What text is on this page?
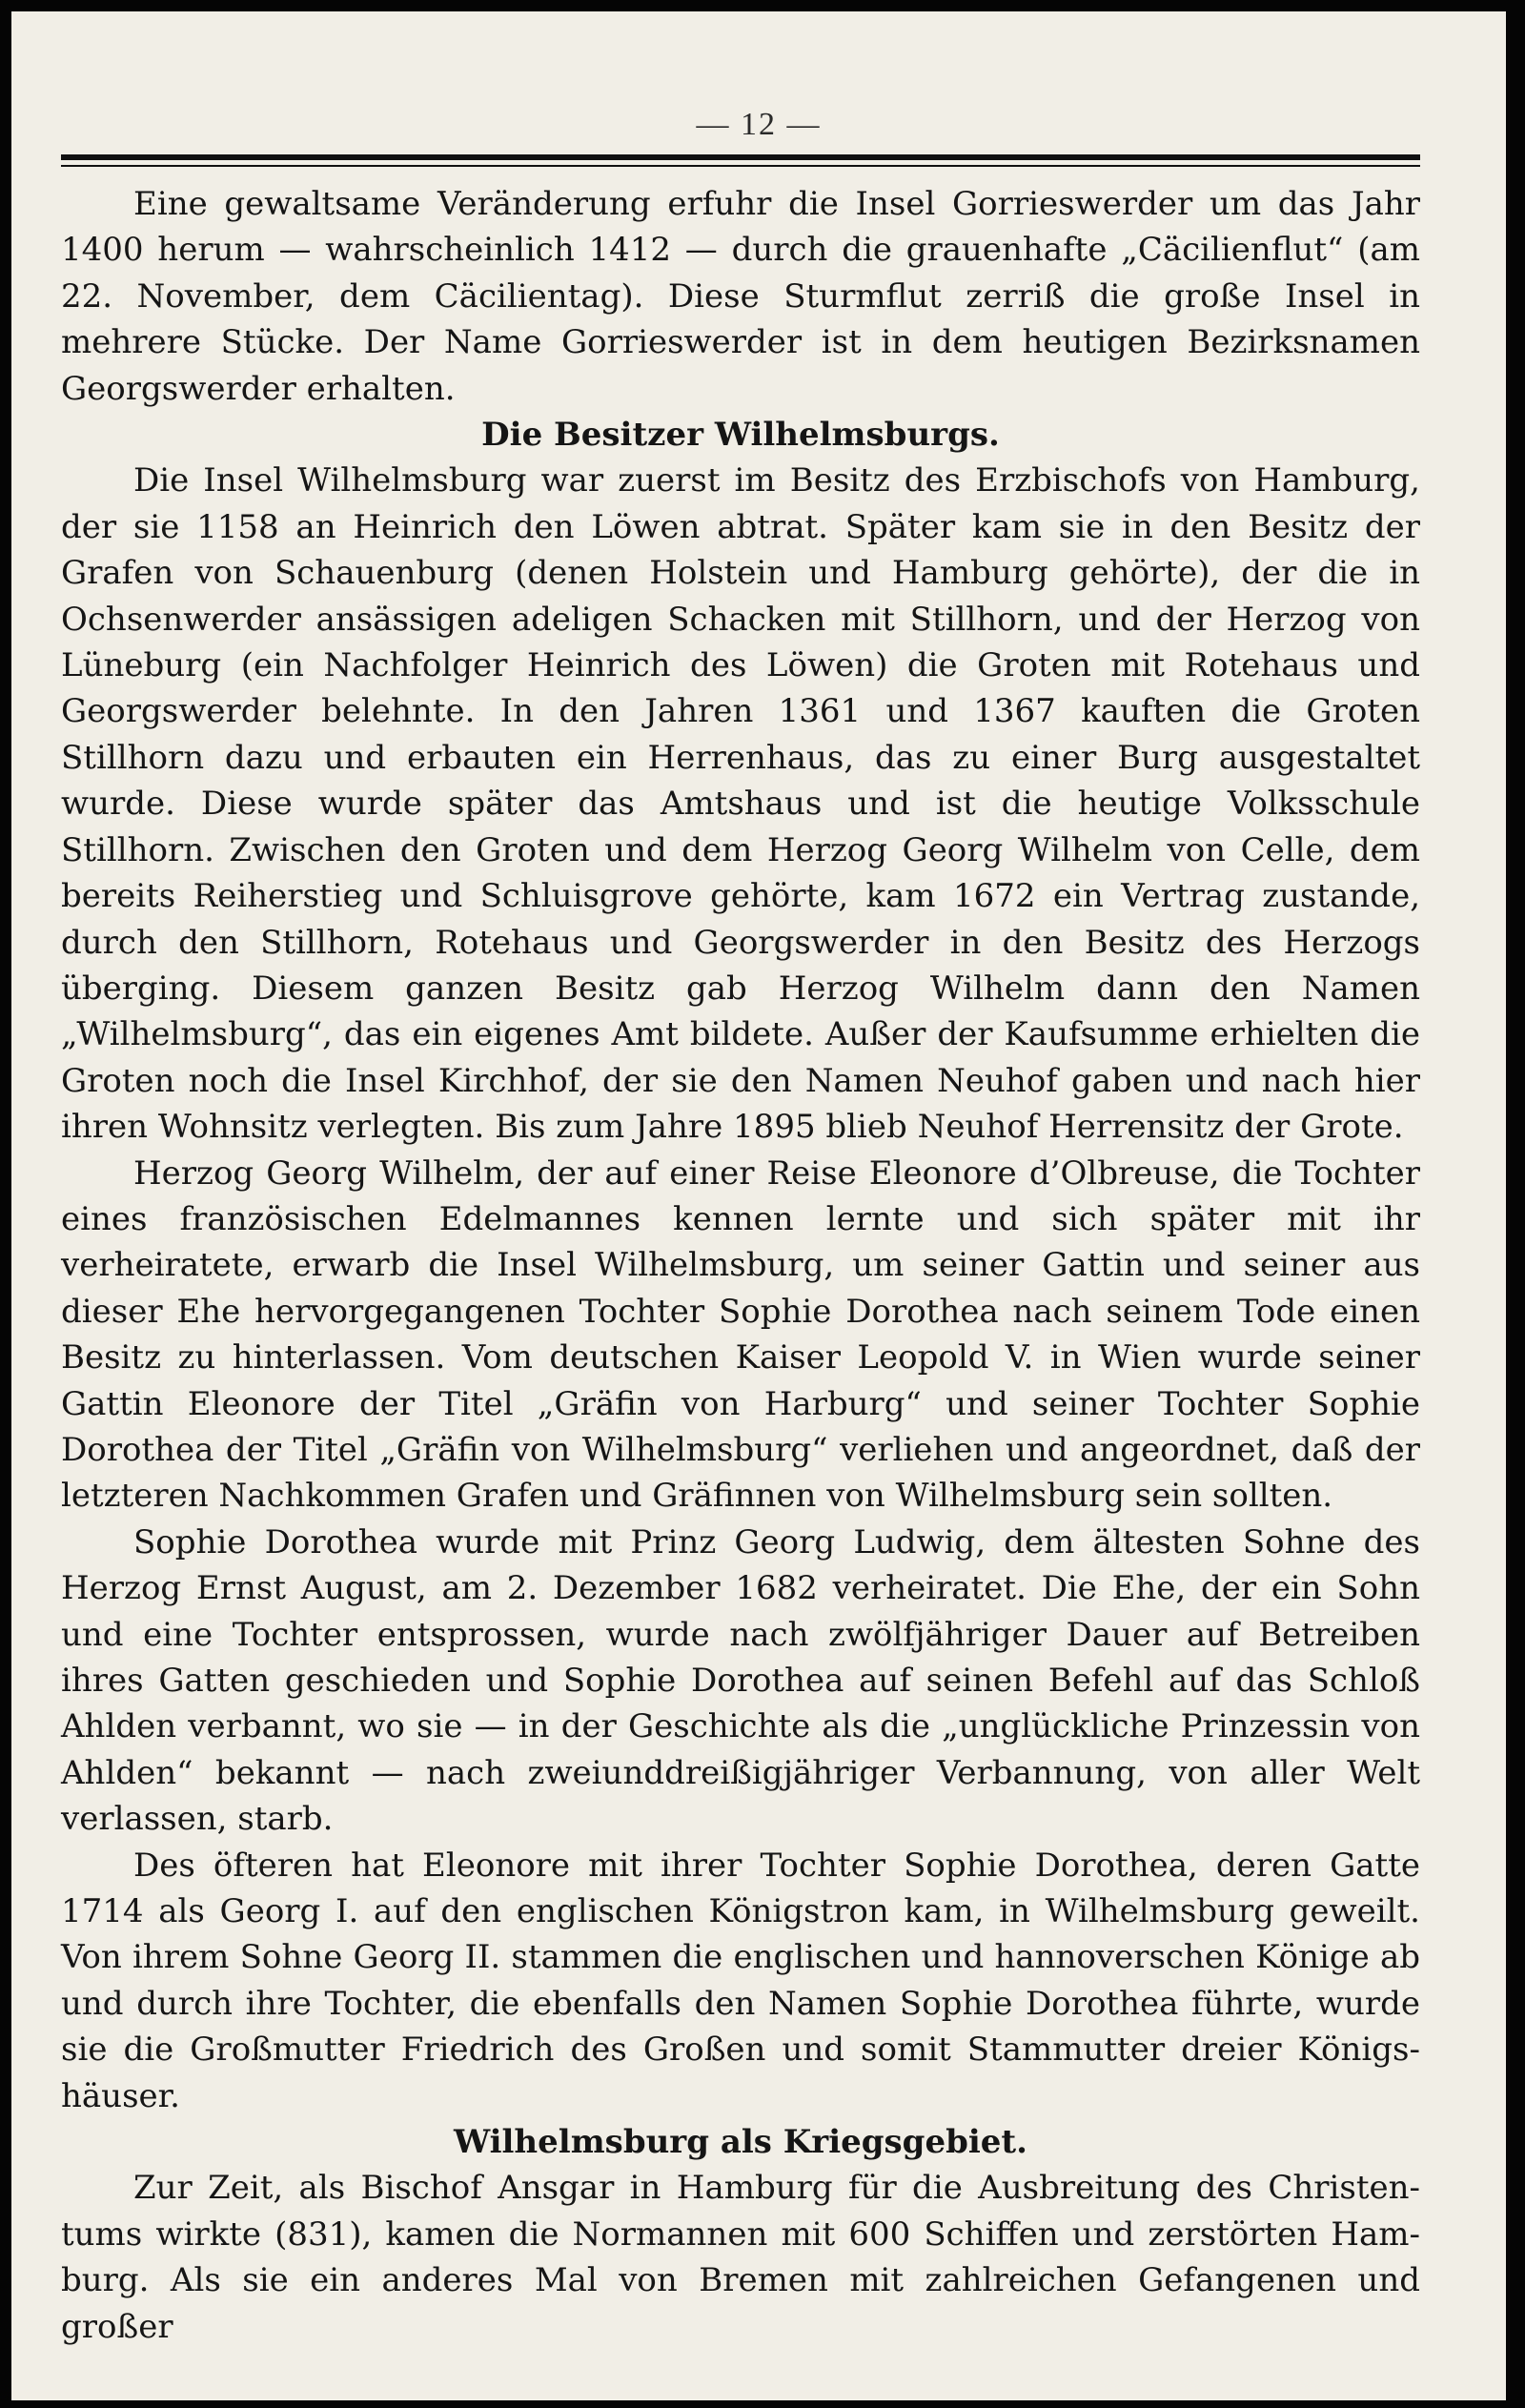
— 12 —

Eine gewaltsame Veränderung erfuhr die Insel Gorrieswerder um das Jahr 1400 herum — wahrscheinlich 1412 — durch die grauenhafte „Cäcilienflut“ (am 22. November, dem Cäcilientag). Diese Sturmflut zerriß die große Insel in mehrere Stücke. Der Name Gorrieswerder ist in dem heutigen Bezirksnamen Georgswerder erhalten.

Die Besitzer Wilhelmsburgs.

Die Insel Wilhelmsburg war zuerst im Besitz des Erzbischofs von Hamburg, der sie 1158 an Heinrich den Löwen abtrat. Später kam sie in den Besitz der Grafen von Schauenburg (denen Holstein und Hamburg gehörte), der die in Ochsenwerder ansässigen adeligen Schacken mit Stillhorn, und der Herzog von Lüneburg (ein Nachfolger Heinrich des Löwen) die Groten mit Rotehaus und Georgswerder belehnte. In den Jahren 1361 und 1367 kauften die Groten Stillhorn dazu und erbauten ein Herrenhaus, das zu einer Burg ausgestaltet wurde. Diese wurde später das Amtshaus und ist die heutige Volksschule Stillhorn. Zwischen den Groten und dem Herzog Georg Wilhelm von Celle, dem bereits Reiherstieg und Schluisgrove gehörte, kam 1672 ein Vertrag zustande, durch den Stillhorn, Rotehaus und Georgswerder in den Besitz des Herzogs überging. Diesem ganzen Besitz gab Herzog Wilhelm dann den Namen „Wilhelmsburg“, das ein eigenes Amt bildete. Außer der Kaufsumme erhielten die Groten noch die Insel Kirchhof, der sie den Namen Neuhof gaben und nach hier ihren Wohnsitz verlegten. Bis zum Jahre 1895 blieb Neuhof Herrensitz der Grote.

Herzog Georg Wilhelm, der auf einer Reise Eleonore d’Olbreuse, die Tochter eines französischen Edelmannes kennen lernte und sich später mit ihr verheiratete, erwarb die Insel Wilhelmsburg, um seiner Gattin und seiner aus dieser Ehe hervorgegangenen Tochter Sophie Dorothea nach seinem Tode einen Besitz zu hinterlassen. Vom deutschen Kaiser Leopold V. in Wien wurde seiner Gattin Eleonore der Titel „Gräfin von Harburg“ und seiner Tochter Sophie Dorothea der Titel „Gräfin von Wilhelmsburg“ verliehen und angeordnet, daß der letzteren Nachkommen Grafen und Gräfinnen von Wilhelmsburg sein sollten.

Sophie Dorothea wurde mit Prinz Georg Ludwig, dem ältesten Sohne des Herzog Ernst August, am 2. Dezember 1682 verheiratet. Die Ehe, der ein Sohn und eine Tochter entsprossen, wurde nach zwölfjähriger Dauer auf Betreiben ihres Gatten geschieden und Sophie Dorothea auf seinen Befehl auf das Schloß Ahlden verbannt, wo sie — in der Geschichte als die „unglückliche Prinzessin von Ahlden“ bekannt — nach zweiunddreißigjähriger Verbannung, von aller Welt verlassen, starb.

Des öfteren hat Eleonore mit ihrer Tochter Sophie Dorothea, deren Gatte 1714 als Georg I. auf den englischen Königstron kam, in Wilhelmsburg geweilt. Von ihrem Sohne Georg II. stammen die englischen und hannoverschen Könige ab und durch ihre Tochter, die ebenfalls den Namen Sophie Dorothea führte, wurde sie die Großmutter Friedrich des Großen und somit Stammutter dreier Königshäuser.

Wilhelmsburg als Kriegsgebiet.

Zur Zeit, als Bischof Ansgar in Hamburg für die Ausbreitung des Christentums wirkte (831), kamen die Normannen mit 600 Schiffen und zerstörten Hamburg. Als sie ein anderes Mal von Bremen mit zahlreichen Gefangenen und großer
